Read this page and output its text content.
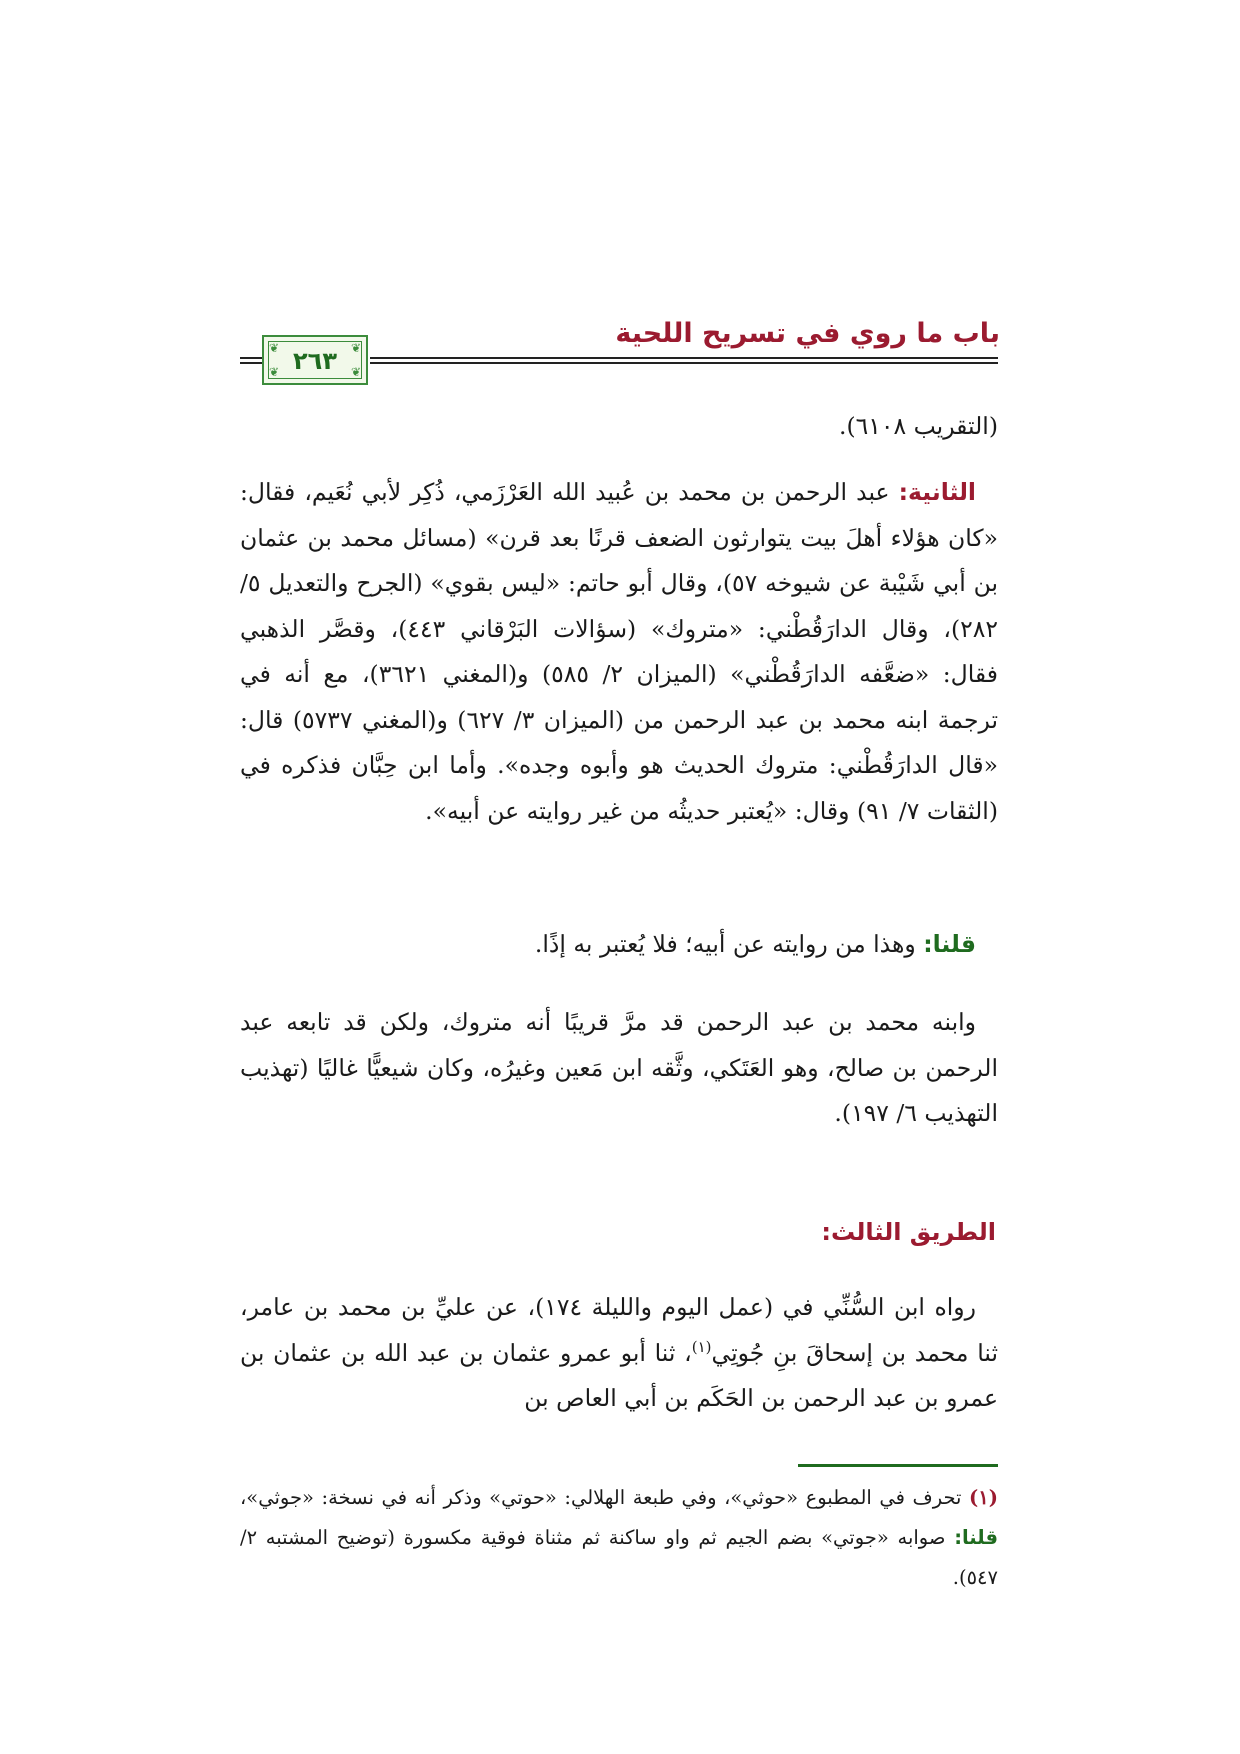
باب ما روي في تسريح اللحية
❦	❦
❦	❦
٢٦٣

(التقريب ٦١٠٨).

الثانية: عبد الرحمن بن محمد بن عُبيد الله العَرْزَمي، ذُكِر لأبي نُعَيم، فقال: «كان هؤلاء أهلَ بيت يتوارثون الضعف قرنًا بعد قرن» (مسائل محمد بن عثمان بن أبي شَيْبة عن شيوخه ٥٧)، وقال أبو حاتم: «ليس بقوي» (الجرح والتعديل ٥/ ٢٨٢)، وقال الدارَقُطْني: «متروك» (سؤالات البَرْقاني ٤٤٣)، وقصَّر الذهبي فقال: «ضعَّفه الدارَقُطْني» (الميزان ٢/ ٥٨٥) و(المغني ٣٦٢١)، مع أنه في ترجمة ابنه محمد بن عبد الرحمن من (الميزان ٣/ ٦٢٧) و(المغني ٥٧٣٧) قال: «قال الدارَقُطْني: متروك الحديث هو وأبوه وجده». وأما ابن حِبَّان فذكره في (الثقات ٧/ ٩١) وقال: «يُعتبر حديثُه من غير روايته عن أبيه».

قلنا: وهذا من روايته عن أبيه؛ فلا يُعتبر به إذًا.

وابنه محمد بن عبد الرحمن قد مرَّ قريبًا أنه متروك، ولكن قد تابعه عبد الرحمن بن صالح، وهو العَتَكي، وثَّقه ابن مَعين وغيرُه، وكان شيعيًّا غاليًا (تهذيب التهذيب ٦/ ١٩٧).

الطريق الثالث:

رواه ابن السُّنِّي في (عمل اليوم والليلة ١٧٤)، عن عليِّ بن محمد بن عامر، ثنا محمد بن إسحاقَ بنِ جُوتِي$^{(١)}$، ثنا أبو عمرو عثمان بن عبد الله بن عثمان بن عمرو بن عبد الرحمن بن الحَكَم بن أبي العاص بن

(١) تحرف في المطبوع «حوثي»، وفي طبعة الهلالي: «حوتي» وذكر أنه في نسخة: «جوثي»، قلنا: صوابه «جوتي» بضم الجيم ثم واو ساكنة ثم مثناة فوقية مكسورة (توضيح المشتبه ٢/ ٥٤٧).
